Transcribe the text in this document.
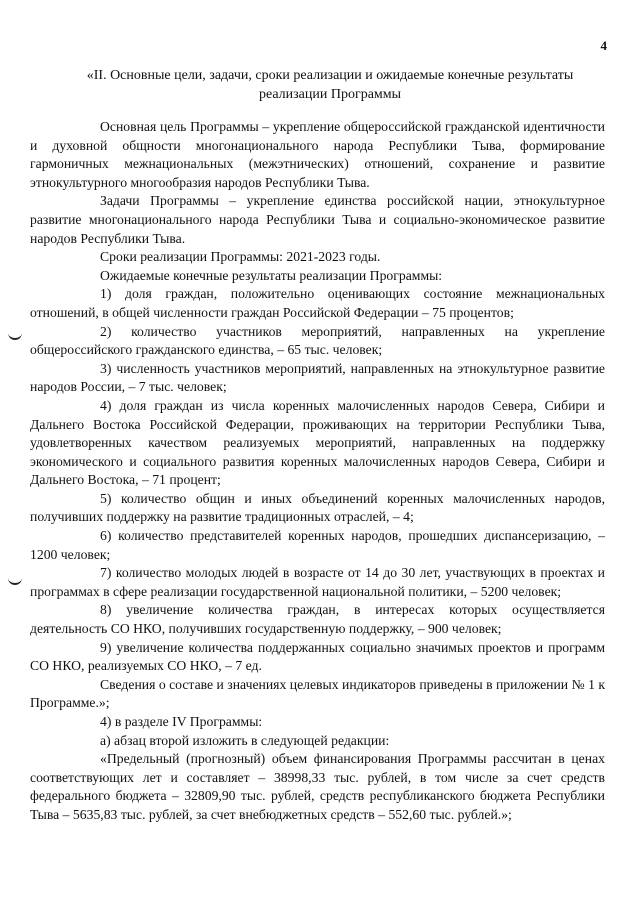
4
«II. Основные цели, задачи, сроки реализации и ожидаемые конечные результаты реализации Программы

Основная цель Программы – укрепление общероссийской гражданской идентичности и духовной общности многонационального народа Республики Тыва, формирование гармоничных межнациональных (межэтнических) отношений, сохранение и развитие этнокультурного многообразия народов Республики Тыва.

Задачи Программы – укрепление единства российской нации, этнокультурное развитие многонационального народа Республики Тыва и социально-экономическое развитие народов Республики Тыва.

Сроки реализации Программы: 2021-2023 годы.

Ожидаемые конечные результаты реализации Программы:

1) доля граждан, положительно оценивающих состояние межнациональных отношений, в общей численности граждан Российской Федерации – 75 процентов;

2) количество участников мероприятий, направленных на укрепление общероссийского гражданского единства, – 65 тыс. человек;

3) численность участников мероприятий, направленных на этнокультурное развитие народов России, – 7 тыс. человек;

4) доля граждан из числа коренных малочисленных народов Севера, Сибири и Дальнего Востока Российской Федерации, проживающих на территории Республики Тыва, удовлетворенных качеством реализуемых мероприятий, направленных на поддержку экономического и социального развития коренных малочисленных народов Севера, Сибири и Дальнего Востока, – 71 процент;

5) количество общин и иных объединений коренных малочисленных народов, получивших поддержку на развитие традиционных отраслей, – 4;

6) количество представителей коренных народов, прошедших диспансеризацию, – 1200 человек;

7) количество молодых людей в возрасте от 14 до 30 лет, участвующих в проектах и программах в сфере реализации государственной национальной политики, – 5200 человек;

8) увеличение количества граждан, в интересах которых осуществляется деятельность СО НКО, получивших государственную поддержку, – 900 человек;

9) увеличение количества поддержанных социально значимых проектов и программ СО НКО, реализуемых СО НКО, – 7 ед.

Сведения о составе и значениях целевых индикаторов приведены в приложении № 1 к Программе.»;

4) в разделе IV Программы:

а) абзац второй изложить в следующей редакции:

«Предельный (прогнозный) объем финансирования Программы рассчитан в ценах соответствующих лет и составляет – 38998,33 тыс. рублей, в том числе за счет средств федерального бюджета – 32809,90 тыс. рублей, средств республиканского бюджета Республики Тыва – 5635,83 тыс. рублей, за счет внебюджетных средств – 552,60 тыс. рублей.»;
